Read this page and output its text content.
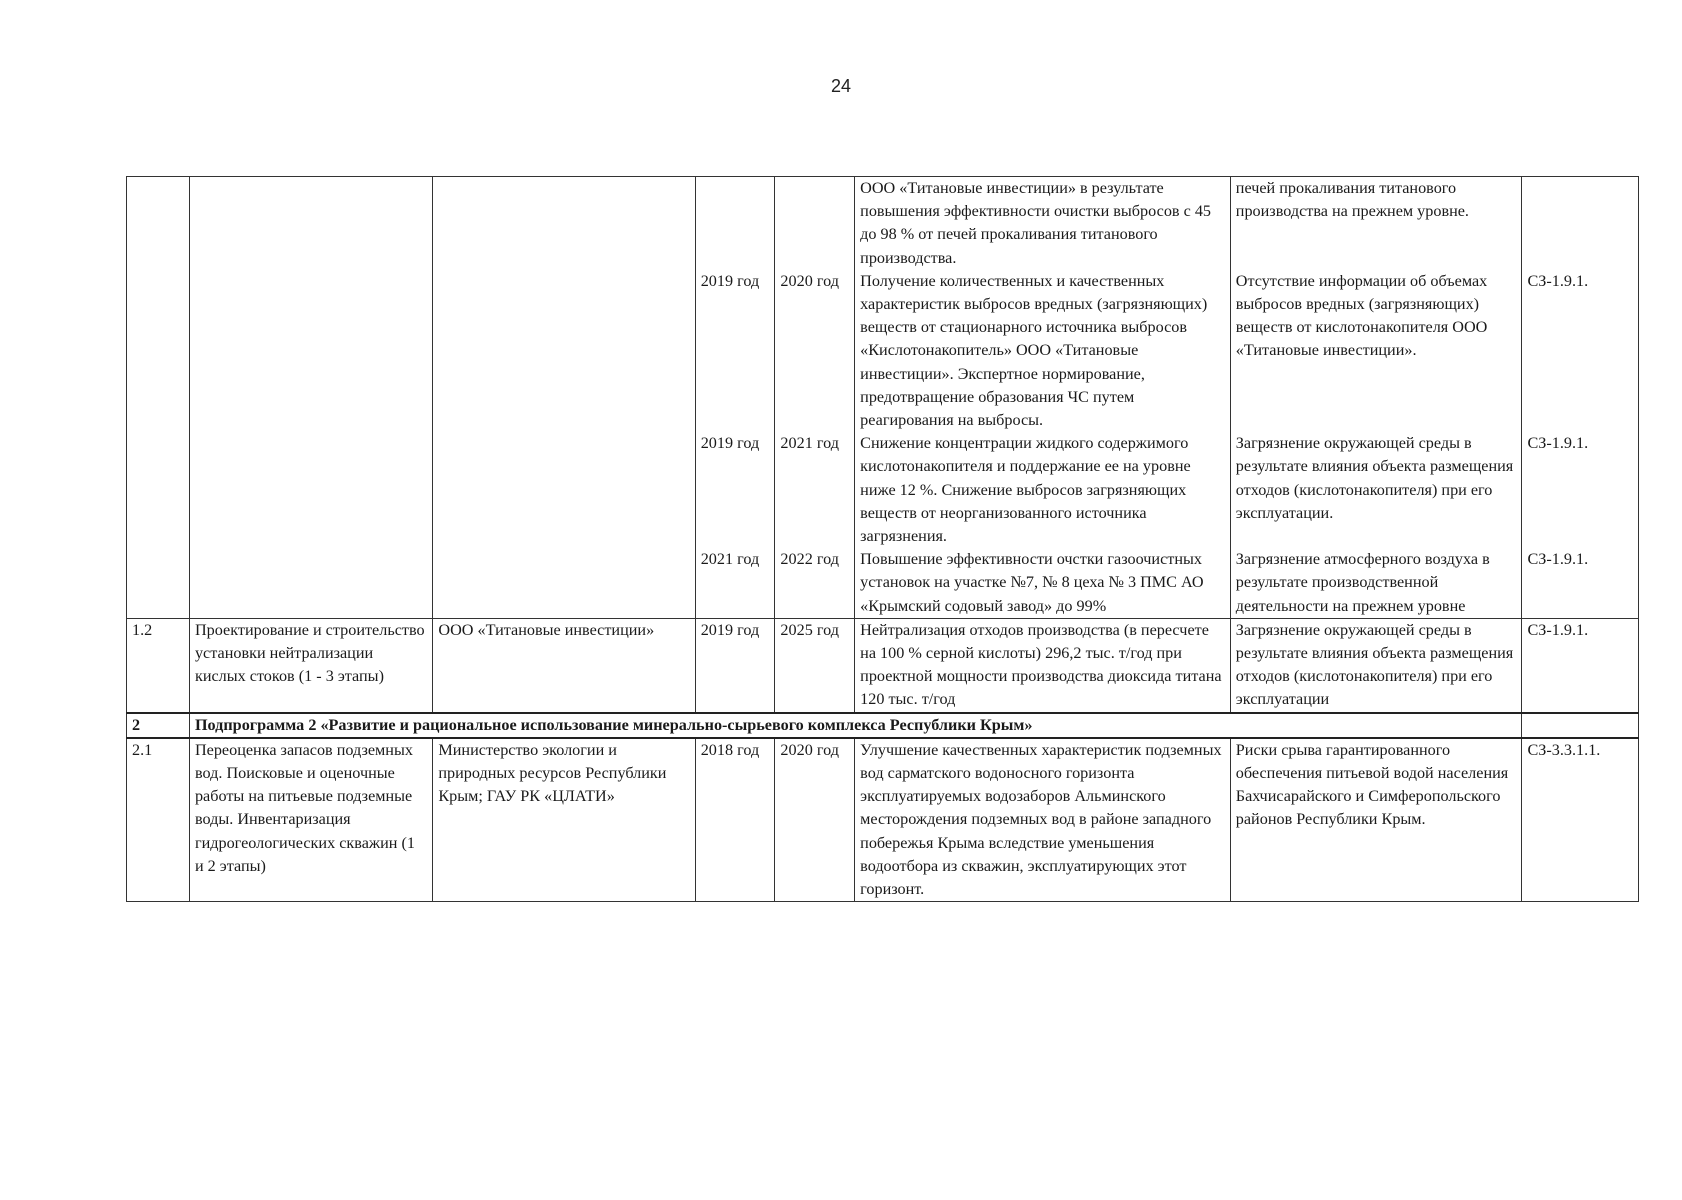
24
					ООО «Титановые инвестиции» в результате повышения эффективности очистки выбросов с 45 до 98 % от печей прокаливания титанового производства.	печей прокаливания титанового производства на прежнем уровне.	
			2019 год	2020 год	Получение количественных и качественных характеристик выбросов вредных (загрязняющих) веществ от стационарного источника выбросов «Кислотонакопитель» ООО «Титановые инвестиции». Экспертное нормирование, предотвращение образования ЧС путем реагирования на выбросы.	Отсутствие информации об объемах выбросов вредных (загрязняющих) веществ от кислотонакопителя ООО «Титановые инвестиции».	СЗ-1.9.1.
			2019 год	2021 год	Снижение концентрации жидкого содержимого кислотонакопителя и поддержание ее на уровне ниже 12 %. Снижение выбросов загрязняющих веществ от неорганизованного источника загрязнения.	Загрязнение окружающей среды в результате влияния объекта размещения отходов (кислотонакопителя) при его эксплуатации.	СЗ-1.9.1.
			2021 год	2022 год	Повышение эффективности очстки газоочистных установок на участке №7, № 8 цеха № 3 ПМС АО «Крымский содовый завод» до 99%	Загрязнение атмосферного воздуха в результате производственной деятельности на прежнем уровне	СЗ-1.9.1.
1.2	Проектирование и строительство установки нейтрализации кислых стоков (1 - 3 этапы)	ООО «Титановые инвестиции»	2019 год	2025 год	Нейтрализация отходов производства (в пересчете на 100 % серной кислоты) 296,2 тыс. т/год при проектной мощности производства диоксида титана 120 тыс. т/год	Загрязнение окружающей среды в результате влияния объекта размещения отходов (кислотонакопителя) при его эксплуатации	СЗ-1.9.1.
2	Подпрограмма 2 «Развитие и рациональное использование минерально-сырьевого комплекса Республики Крым»						
2.1	Переоценка запасов подземных вод. Поисковые и оценочные работы на питьевые подземные воды. Инвентаризация гидрогеологических скважин (1 и 2 этапы)	Министерство экологии и природных ресурсов Республики Крым; ГАУ РК «ЦЛАТИ»	2018 год	2020 год	Улучшение качественных характеристик подземных вод сарматского водоносного горизонта эксплуатируемых водозаборов Альминского месторождения подземных вод в районе западного побережья Крыма вследствие уменьшения водоотбора из скважин, эксплуатирующих этот горизонт.	Риски срыва гарантированного обеспечения питьевой водой населения Бахчисарайского и Симферопольского районов Республики Крым.	СЗ-3.3.1.1.
